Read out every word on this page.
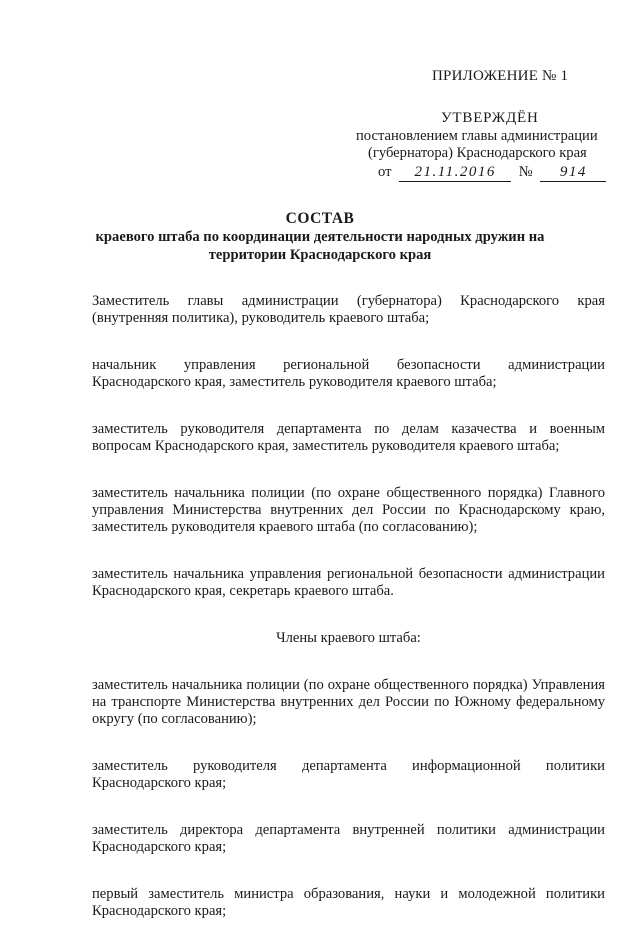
ПРИЛОЖЕНИЕ № 1
УТВЕРЖДЁН
постановлением главы администрации
(губернатора) Краснодарского края
от 21.11.2016 № 914
СОСТАВ
краевого штаба по координации деятельности народных дружин на территории Краснодарского края

Заместитель главы администрации (губернатора) Краснодарского края (внутренняя политика), руководитель краевого штаба;

начальник управления региональной безопасности администрации Краснодарского края, заместитель руководителя краевого штаба;

заместитель руководителя департамента по делам казачества и военным вопросам Краснодарского края, заместитель руководителя краевого штаба;

заместитель начальника полиции (по охране общественного порядка) Главного управления Министерства внутренних дел России по Краснодарскому краю, заместитель руководителя краевого штаба (по согласованию);

заместитель начальника управления региональной безопасности администрации Краснодарского края, секретарь краевого штаба.

Члены краевого штаба:

заместитель начальника полиции (по охране общественного порядка) Управления на транспорте Министерства внутренних дел России по Южному федеральному округу (по согласованию);

заместитель руководителя департамента информационной политики Краснодарского края;

заместитель директора департамента внутренней политики администрации Краснодарского края;

первый заместитель министра образования, науки и молодежной политики Краснодарского края;
